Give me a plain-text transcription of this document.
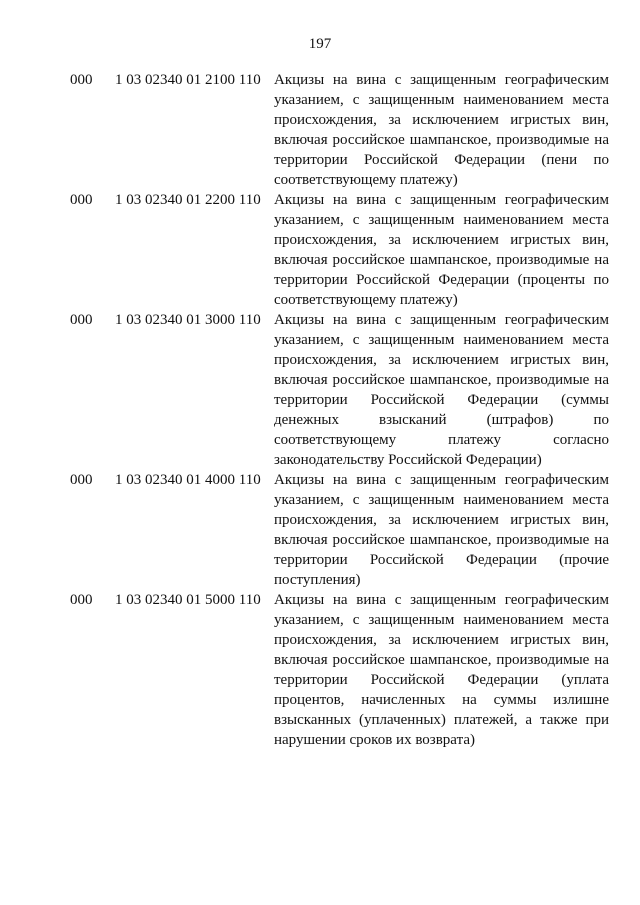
197
000 1 03 02340 01 2100 110 Акцизы на вина с защищенным географическим указанием, с защищенным наименованием места происхождения, за исключением игристых вин, включая российское шампанское, производимые на территории Российской Федерации (пени по соответствующему платежу)
000 1 03 02340 01 2200 110 Акцизы на вина с защищенным географическим указанием, с защищенным наименованием места происхождения, за исключением игристых вин, включая российское шампанское, производимые на территории Российской Федерации (проценты по соответствующему платежу)
000 1 03 02340 01 3000 110 Акцизы на вина с защищенным географическим указанием, с защищенным наименованием места происхождения, за исключением игристых вин, включая российское шампанское, производимые на территории Российской Федерации (суммы денежных взысканий (штрафов) по соответствующему платежу согласно законодательству Российской Федерации)
000 1 03 02340 01 4000 110 Акцизы на вина с защищенным географическим указанием, с защищенным наименованием места происхождения, за исключением игристых вин, включая российское шампанское, производимые на территории Российской Федерации (прочие поступления)
000 1 03 02340 01 5000 110 Акцизы на вина с защищенным географическим указанием, с защищенным наименованием места происхождения, за исключением игристых вин, включая российское шампанское, производимые на территории Российской Федерации (уплата процентов, начисленных на суммы излишне взысканных (уплаченных) платежей, а также при нарушении сроков их возврата)
